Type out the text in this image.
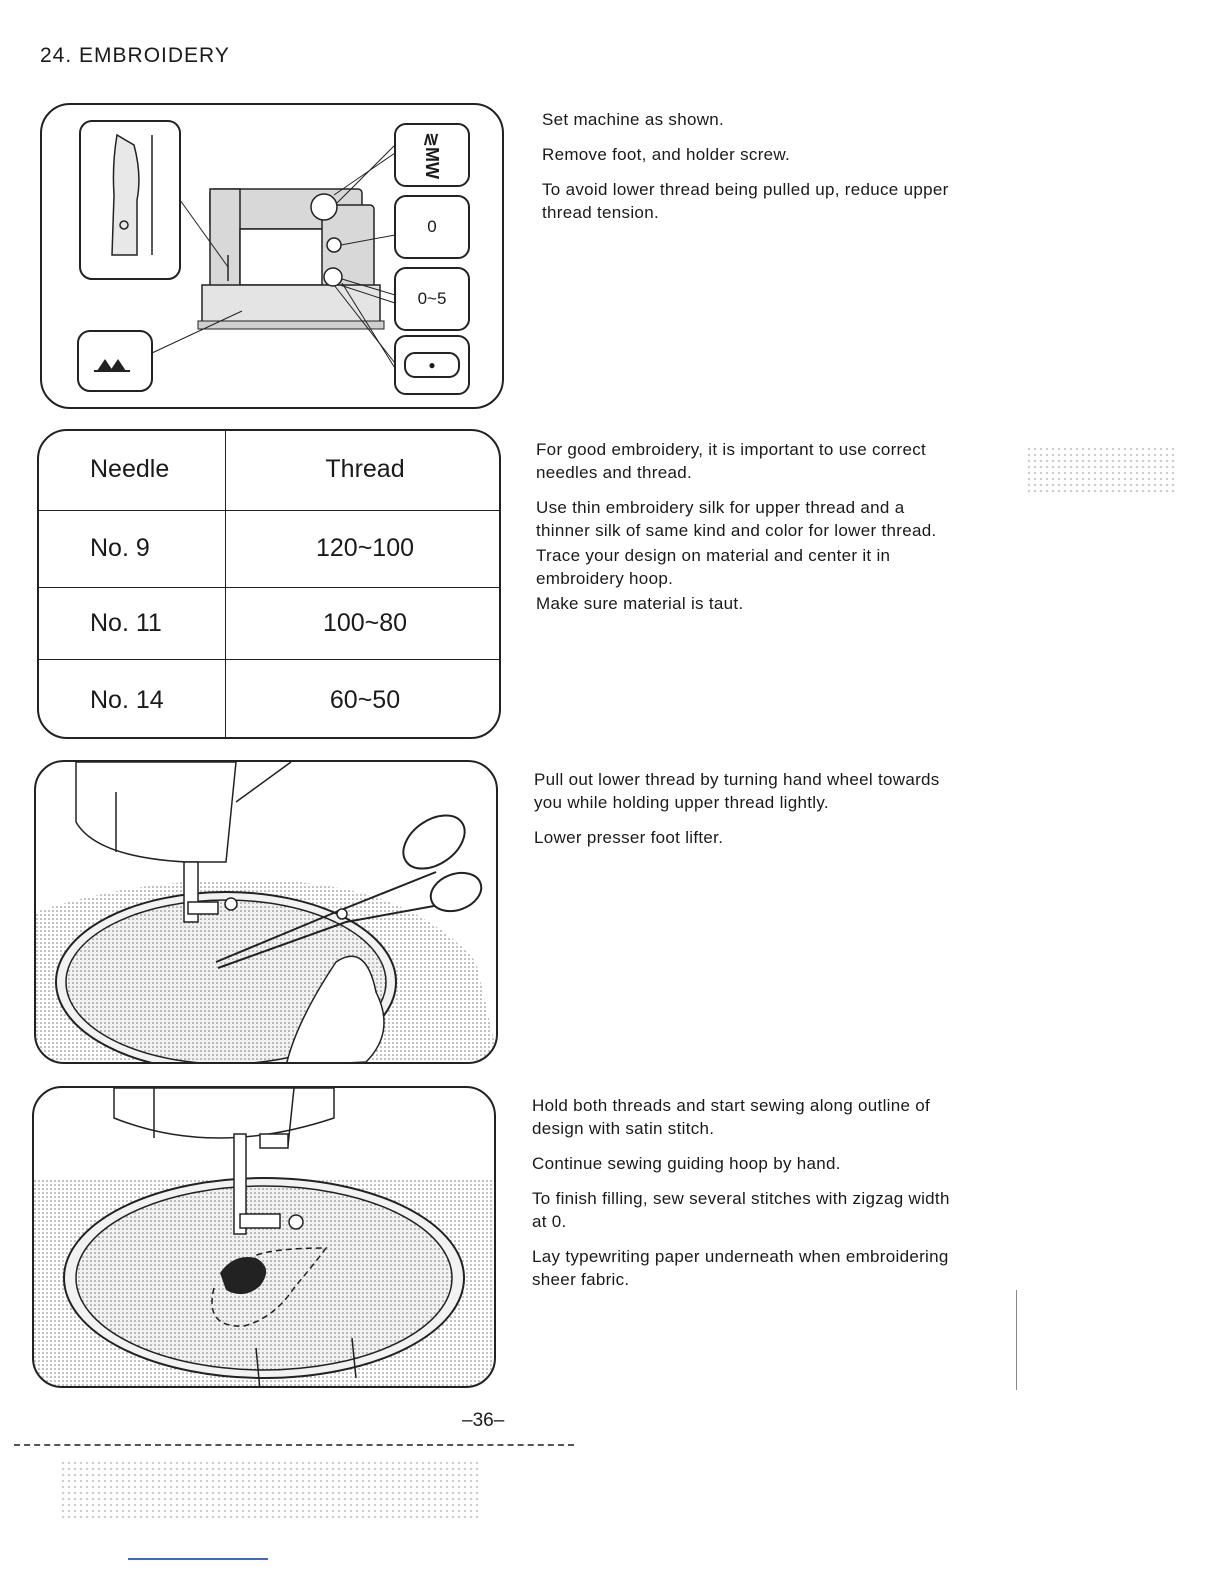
24. EMBROIDERY
≷MW
0
0~5
●

Set machine as shown.

Remove foot, and holder screw.

To avoid lower thread being pulled up, reduce upper thread tension.

Needle	Thread
No. 9	120~100
No. 11	100~80
No. 14	60~50

For good embroidery, it is important to use correct needles and thread.

Use thin embroidery silk for upper thread and a thinner silk of same kind and color for lower thread.

Trace your design on material and center it in embroidery hoop.

Make sure material is taut.

Pull out lower thread by turning hand wheel towards you while holding upper thread lightly.

Lower presser foot lifter.

Hold both threads and start sewing along outline of design with satin stitch.

Continue sewing guiding hoop by hand.

To finish filling, sew several stitches with zigzag width at 0.

Lay typewriting paper underneath when embroidering sheer fabric.

–36–
